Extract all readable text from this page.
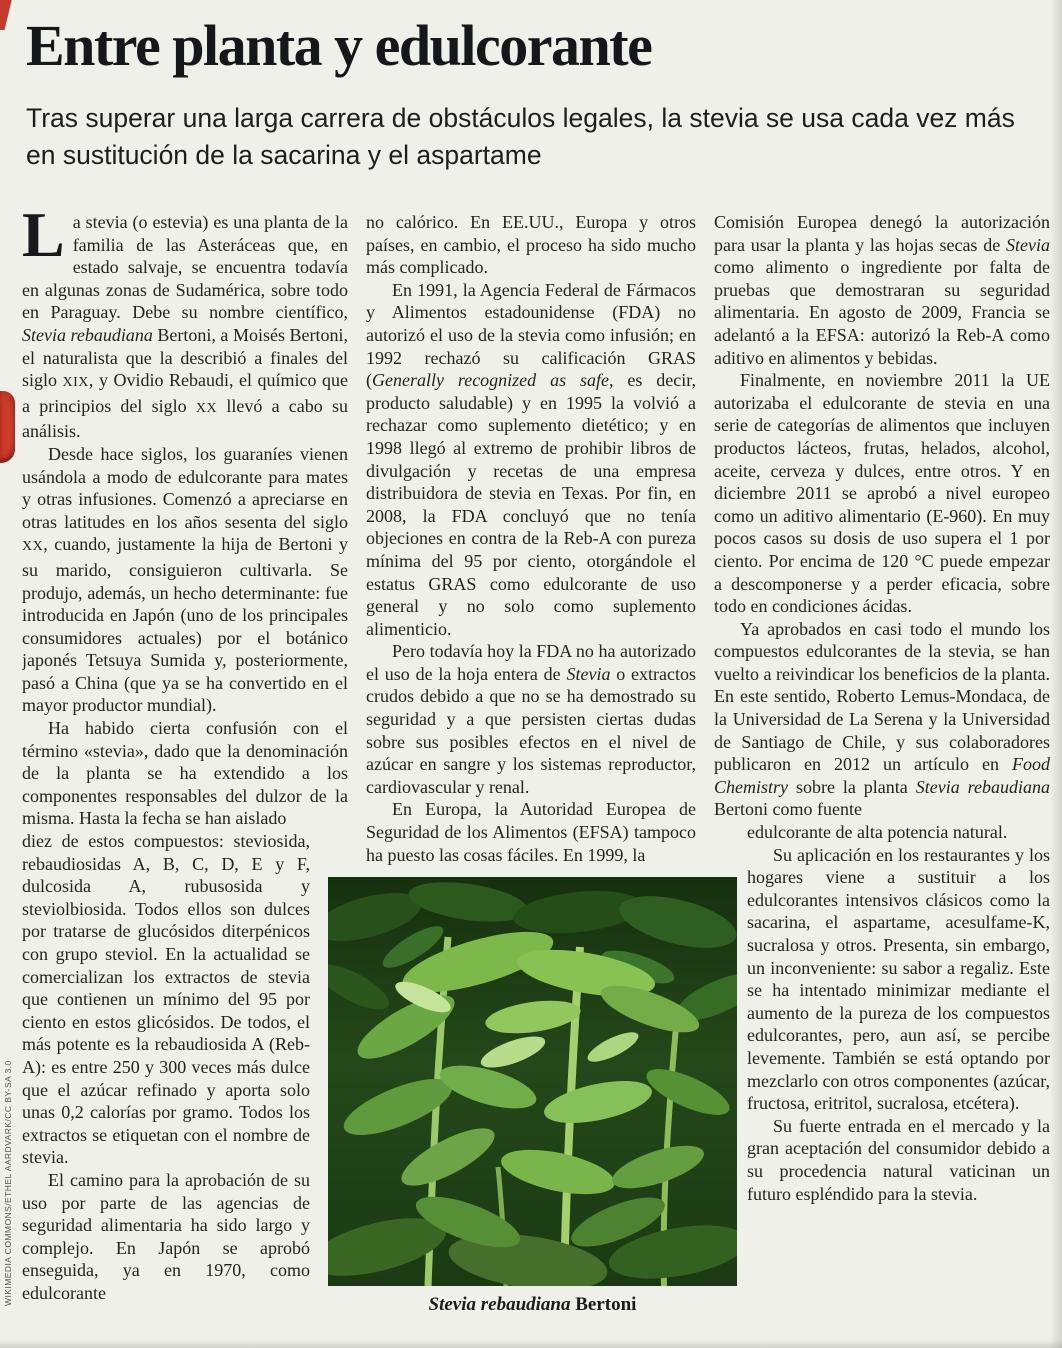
Entre planta y edulcorante

Tras superar una larga carrera de obstáculos legales, la stevia se usa cada vez más en sustitución de la sacarina y el aspartame

La stevia (o estevia) es una planta de la familia de las Asteráceas que, en estado salvaje, se encuentra todavía en algunas zonas de Sudamérica, sobre todo en Paraguay. Debe su nombre científico, Stevia rebaudiana Bertoni, a Moisés Bertoni, el naturalista que la describió a finales del siglo XIX, y Ovidio Rebaudi, el químico que a principios del siglo XX llevó a cabo su análisis.

Desde hace siglos, los guaraníes vienen usándola a modo de edulcorante para mates y otras infusiones. Comenzó a apreciarse en otras latitudes en los años sesenta del siglo XX, cuando, justamente la hija de Bertoni y su marido, consiguieron cultivarla. Se produjo, además, un hecho determinante: fue introducida en Japón (uno de los principales consumidores actuales) por el botánico japonés Tetsuya Sumida y, posteriormente, pasó a China (que ya se ha convertido en el mayor productor mundial).

Ha habido cierta confusión con el término «stevia», dado que la denominación de la planta se ha extendido a los componentes responsables del dulzor de la misma. Hasta la fecha se han aislado

diez de estos compuestos: steviosida, rebaudiosidas A, B, C, D, E y F, dulcosida A, rubusosida y steviolbiosida. Todos ellos son dulces por tratarse de glucósidos diterpénicos con grupo steviol. En la actualidad se comercializan los extractos de stevia que contienen un mínimo del 95 por ciento en estos glicósidos. De todos, el más potente es la rebaudiosida A (Reb-A): es entre 250 y 300 veces más dulce que el azúcar refinado y aporta solo unas 0,2 calorías por gramo. Todos los extractos se etiquetan con el nombre de stevia.

El camino para la aprobación de su uso por parte de las agencias de seguridad alimentaria ha sido largo y complejo. En Japón se aprobó enseguida, ya en 1970, como edulcorante

no calórico. En EE.UU., Europa y otros países, en cambio, el proceso ha sido mucho más complicado.

En 1991, la Agencia Federal de Fármacos y Alimentos estadounidense (FDA) no autorizó el uso de la stevia como infusión; en 1992 rechazó su calificación GRAS (Generally recognized as safe, es decir, producto saludable) y en 1995 la volvió a rechazar como suplemento dietético; y en 1998 llegó al extremo de prohibir libros de divulgación y recetas de una empresa distribuidora de stevia en Texas. Por fin, en 2008, la FDA concluyó que no tenía objeciones en contra de la Reb-A con pureza mínima del 95 por ciento, otorgándole el estatus GRAS como edulcorante de uso general y no solo como suplemento alimenticio.

Pero todavía hoy la FDA no ha autorizado el uso de la hoja entera de Stevia o extractos crudos debido a que no se ha demostrado su seguridad y a que persisten ciertas dudas sobre sus posibles efectos en el nivel de azúcar en sangre y los sistemas reproductor, cardiovascular y renal.

En Europa, la Autoridad Europea de Seguridad de los Alimentos (EFSA) tampoco ha puesto las cosas fáciles. En 1999, la

Comisión Europea denegó la autorización para usar la planta y las hojas secas de Stevia como alimento o ingrediente por falta de pruebas que demostraran su seguridad alimentaria. En agosto de 2009, Francia se adelantó a la EFSA: autorizó la Reb-A como aditivo en alimentos y bebidas.

Finalmente, en noviembre 2011 la UE autorizaba el edulcorante de stevia en una serie de categorías de alimentos que incluyen productos lácteos, frutas, helados, alcohol, aceite, cerveza y dulces, entre otros. Y en diciembre 2011 se aprobó a nivel europeo como un aditivo alimentario (E-960). En muy pocos casos su dosis de uso supera el 1 por ciento. Por encima de 120 °C puede empezar a descomponerse y a perder eficacia, sobre todo en condiciones ácidas.

Ya aprobados en casi todo el mundo los compuestos edulcorantes de la stevia, se han vuelto a reivindicar los beneficios de la planta. En este sentido, Roberto Lemus-Mondaca, de la Universidad de La Serena y la Universidad de Santiago de Chile, y sus colaboradores publicaron en 2012 un artículo en Food Chemistry sobre la planta Stevia rebaudiana Bertoni como fuente

edulcorante de alta potencia natural.

Su aplicación en los restaurantes y los hogares viene a sustituir a los edulcorantes intensivos clásicos como la sacarina, el aspartame, acesulfame-K, sucralosa y otros. Presenta, sin embargo, un inconveniente: su sabor a regaliz. Este se ha intentado minimizar mediante el aumento de la pureza de los compuestos edulcorantes, pero, aun así, se percibe levemente. También se está optando por mezclarlo con otros componentes (azúcar, fructosa, eritritol, sucralosa, etcétera).

Su fuerte entrada en el mercado y la gran aceptación del consumidor debido a su procedencia natural vaticinan un futuro espléndido para la stevia.

Stevia rebaudiana Bertoni
WIKIMEDIA COMMONS/ETHEL AARDVARK/CC BY-SA 3.0
